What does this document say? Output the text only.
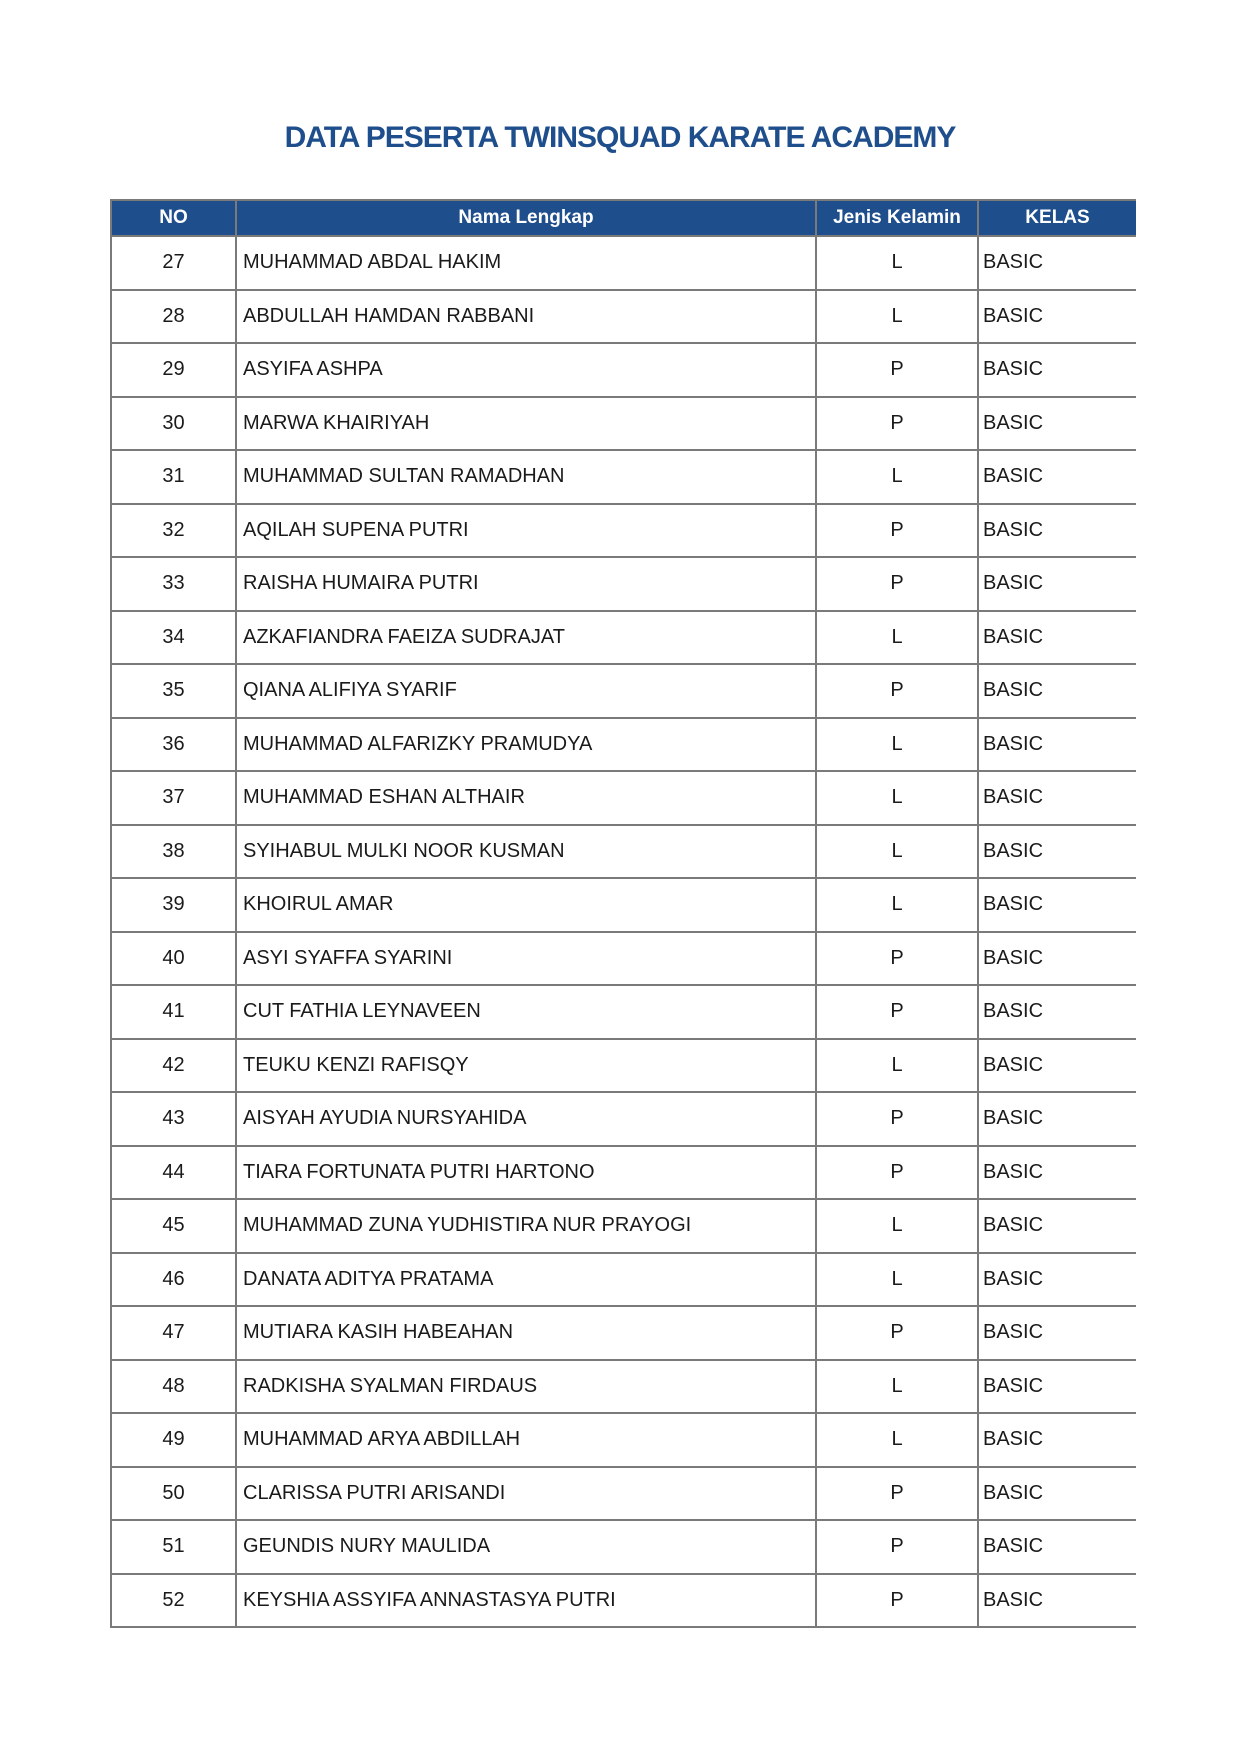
DATA PESERTA TWINSQUAD KARATE ACADEMY
NO	Nama Lengkap	Jenis Kelamin	KELAS
27	MUHAMMAD ABDAL HAKIM	L	BASIC
28	ABDULLAH HAMDAN RABBANI	L	BASIC
29	ASYIFA ASHPA	P	BASIC
30	MARWA KHAIRIYAH	P	BASIC
31	MUHAMMAD SULTAN RAMADHAN	L	BASIC
32	AQILAH SUPENA PUTRI	P	BASIC
33	RAISHA HUMAIRA PUTRI	P	BASIC
34	AZKAFIANDRA FAEIZA SUDRAJAT	L	BASIC
35	QIANA ALIFIYA SYARIF	P	BASIC
36	MUHAMMAD ALFARIZKY PRAMUDYA	L	BASIC
37	MUHAMMAD ESHAN ALTHAIR	L	BASIC
38	SYIHABUL MULKI NOOR KUSMAN	L	BASIC
39	KHOIRUL AMAR	L	BASIC
40	ASYI SYAFFA SYARINI	P	BASIC
41	CUT FATHIA LEYNAVEEN	P	BASIC
42	TEUKU KENZI RAFISQY	L	BASIC
43	AISYAH AYUDIA NURSYAHIDA	P	BASIC
44	TIARA FORTUNATA PUTRI HARTONO	P	BASIC
45	MUHAMMAD ZUNA YUDHISTIRA NUR PRAYOGI	L	BASIC
46	DANATA ADITYA PRATAMA	L	BASIC
47	MUTIARA KASIH HABEAHAN	P	BASIC
48	RADKISHA SYALMAN FIRDAUS	L	BASIC
49	MUHAMMAD ARYA ABDILLAH	L	BASIC
50	CLARISSA PUTRI ARISANDI	P	BASIC
51	GEUNDIS NURY MAULIDA	P	BASIC
52	KEYSHIA ASSYIFA ANNASTASYA PUTRI	P	BASIC
